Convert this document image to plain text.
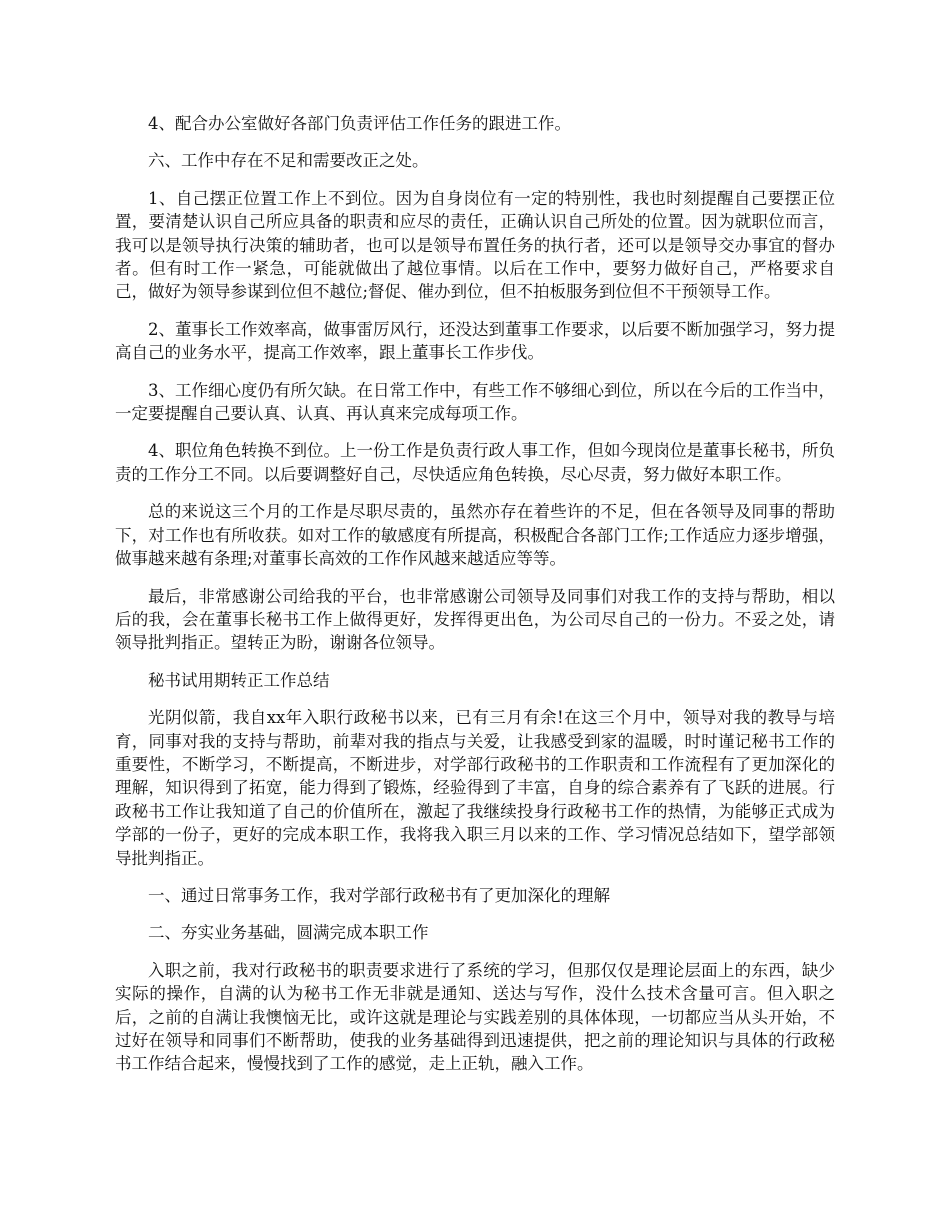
4、配合办公室做好各部门负责评估工作任务的跟进工作。

六、工作中存在不足和需要改正之处。

1、自己摆正位置工作上不到位。因为自身岗位有一定的特别性，我也时刻提醒自己要摆正位置，要清楚认识自己所应具备的职责和应尽的责任，正确认识自己所处的位置。因为就职位而言，我可以是领导执行决策的辅助者，也可以是领导布置任务的执行者，还可以是领导交办事宜的督办者。但有时工作一紧急，可能就做出了越位事情。以后在工作中，要努力做好自己，严格要求自己，做好为领导参谋到位但不越位;督促、催办到位，但不拍板服务到位但不干预领导工作。

2、董事长工作效率高，做事雷厉风行，还没达到董事工作要求，以后要不断加强学习，努力提高自己的业务水平，提高工作效率，跟上董事长工作步伐。

3、工作细心度仍有所欠缺。在日常工作中，有些工作不够细心到位，所以在今后的工作当中，一定要提醒自己要认真、认真、再认真来完成每项工作。

4、职位角色转换不到位。上一份工作是负责行政人事工作，但如今现岗位是董事长秘书，所负责的工作分工不同。以后要调整好自己，尽快适应角色转换，尽心尽责，努力做好本职工作。

总的来说这三个月的工作是尽职尽责的，虽然亦存在着些许的不足，但在各领导及同事的帮助下，对工作也有所收获。如对工作的敏感度有所提高，积极配合各部门工作;工作适应力逐步增强，做事越来越有条理;对董事长高效的工作作风越来越适应等等。

最后，非常感谢公司给我的平台，也非常感谢公司领导及同事们对我工作的支持与帮助，相以后的我，会在董事长秘书工作上做得更好，发挥得更出色，为公司尽自己的一份力。不妥之处，请领导批判指正。望转正为盼，谢谢各位领导。

秘书试用期转正工作总结

光阴似箭，我自xx年入职行政秘书以来，已有三月有余!在这三个月中，领导对我的教导与培育，同事对我的支持与帮助，前辈对我的指点与关爱，让我感受到家的温暖，时时谨记秘书工作的重要性，不断学习，不断提高，不断进步，对学部行政秘书的工作职责和工作流程有了更加深化的理解，知识得到了拓宽，能力得到了锻炼，经验得到了丰富，自身的综合素养有了飞跃的进展。行政秘书工作让我知道了自己的价值所在，激起了我继续投身行政秘书工作的热情，为能够正式成为学部的一份子，更好的完成本职工作，我将我入职三月以来的工作、学习情况总结如下，望学部领导批判指正。

一、通过日常事务工作，我对学部行政秘书有了更加深化的理解

二、夯实业务基础，圆满完成本职工作

入职之前，我对行政秘书的职责要求进行了系统的学习，但那仅仅是理论层面上的东西，缺少实际的操作，自满的认为秘书工作无非就是通知、送达与写作，没什么技术含量可言。但入职之后，之前的自满让我懊恼无比，或许这就是理论与实践差别的具体体现，一切都应当从头开始，不过好在领导和同事们不断帮助，使我的业务基础得到迅速提供，把之前的理论知识与具体的行政秘书工作结合起来，慢慢找到了工作的感觉，走上正轨，融入工作。
